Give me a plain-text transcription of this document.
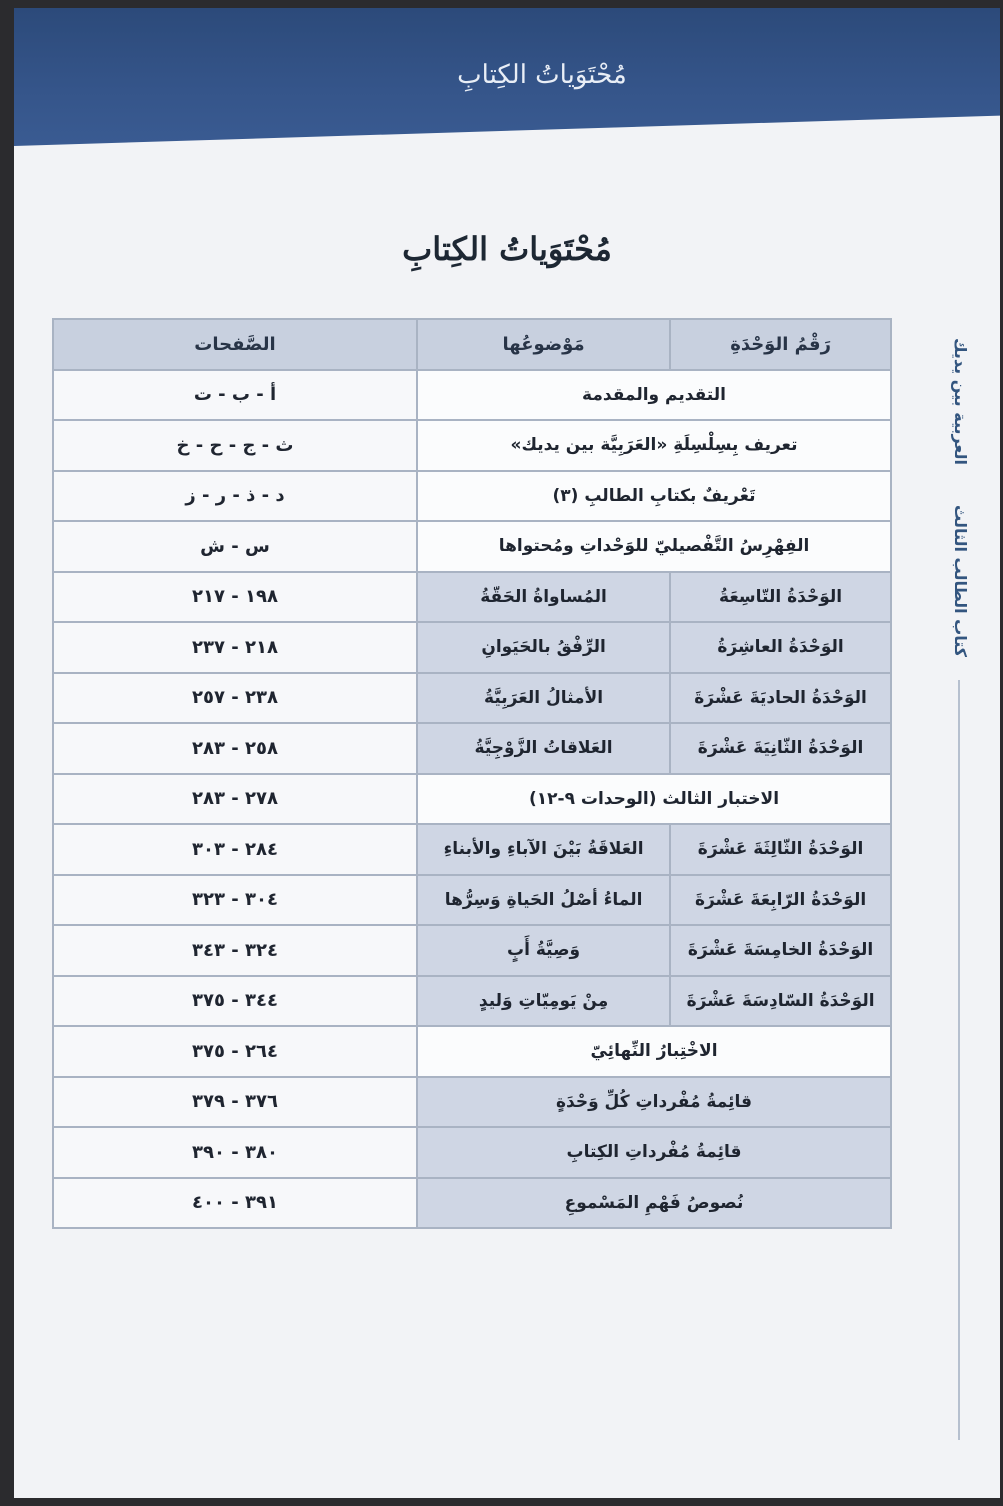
مُحْتَوَياتُ الكِتابِ
مُحْتَوَياتُ الكِتابِ
العربية بين يديك
كتاب الطالب الثالث
رَقْمُ الوَحْدَةِ	مَوْضوعُها	الصَّفحات
التقديم والمقدمة		أ - ب - ت
تعريف بِسِلْسِلَةِ «العَرَبِيَّة بين يديك»		ث - ج - ح - خ
تَعْريفٌ بكتابِ الطالبِ (٣)		د - ذ - ر - ز
الفِهْرِسُ التَّفْصيليّ للوَحْداتِ ومُحتواها		س - ش
الوَحْدَةُ التّاسِعَةُ	المُساواةُ الحَقّةُ	١٩٨ - ٢١٧
الوَحْدَةُ العاشِرَةُ	الرِّفْقُ بالحَيَوانِ	٢١٨ - ٢٣٧
الوَحْدَةُ الحاديَةَ عَشْرَةَ	الأمثالُ العَرَبِيَّةُ	٢٣٨ - ٢٥٧
الوَحْدَةُ الثّانِيَةَ عَشْرَةَ	العَلاقاتُ الزَّوْجِيَّةُ	٢٥٨ - ٢٨٣
الاختبار الثالث (الوحدات ٩-١٢)		٢٧٨ - ٢٨٣
الوَحْدَةُ الثّالِثَةَ عَشْرَةَ	العَلاقَةُ بَيْنَ الآباءِ والأبناءِ	٢٨٤ - ٣٠٣
الوَحْدَةُ الرّابِعَةَ عَشْرَةَ	الماءُ أصْلُ الحَياةِ وَسِرُّها	٣٠٤ - ٣٢٣
الوَحْدَةُ الخامِسَةَ عَشْرَةَ	وَصِيَّةُ أَبٍ	٣٢٤ - ٣٤٣
الوَحْدَةُ السّادِسَةَ عَشْرَةَ	مِنْ يَومِيّاتِ وَليدٍ	٣٤٤ - ٣٧٥
الاخْتِبارُ النِّهائِيّ		٢٦٤ - ٣٧٥
قائِمةُ مُفْرداتِ كُلِّ وَحْدَةٍ		٣٧٦ - ٣٧٩
قائِمةُ مُفْرداتِ الكِتابِ		٣٨٠ - ٣٩٠
نُصوصُ فَهْمِ المَسْموعِ		٣٩١ - ٤٠٠
